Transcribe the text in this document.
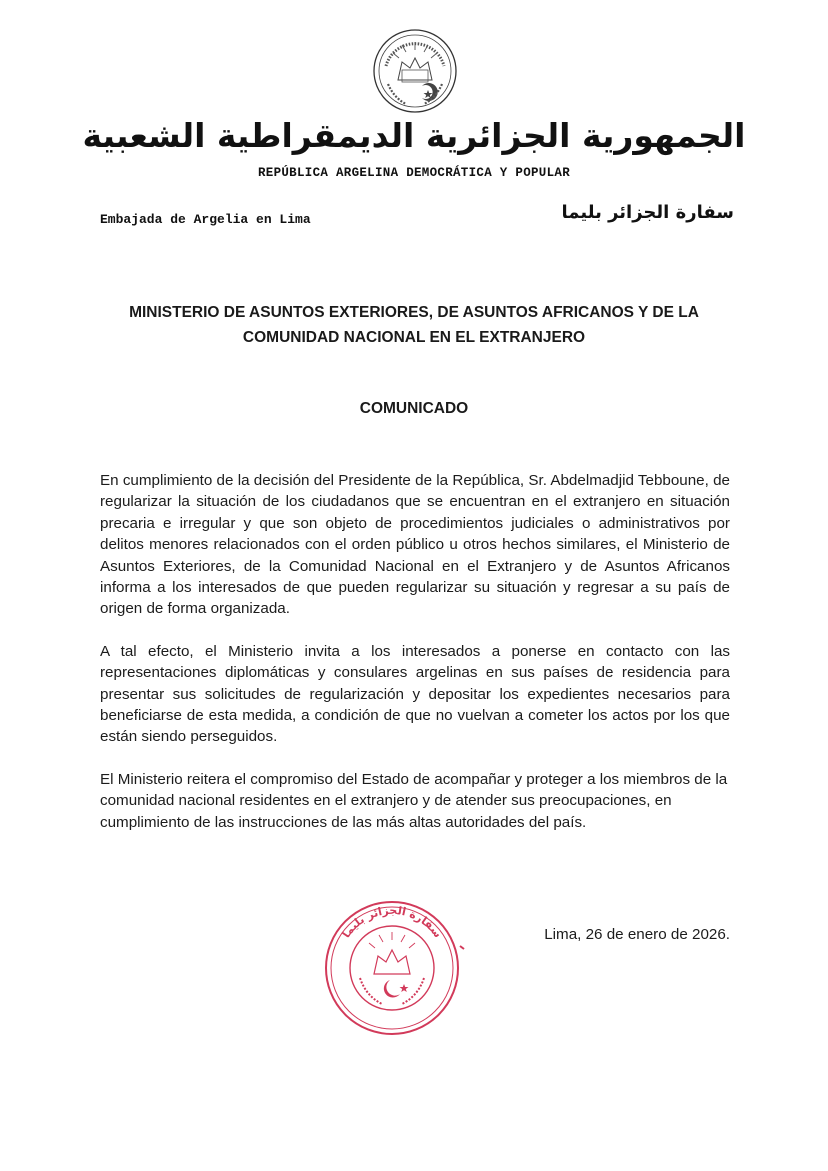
الجمهورية الجزائرية الديمقراطية الشعبية
REPÚBLICA ARGELINA DEMOCRÁTICA Y POPULAR
Embajada de Argelia en Lima	سفارة الجزائر بليما
MINISTERIO DE ASUNTOS EXTERIORES, DE ASUNTOS AFRICANOS Y DE LA COMUNIDAD NACIONAL EN EL EXTRANJERO
COMUNICADO

En cumplimiento de la decisión del Presidente de la República, Sr. Abdelmadjid Tebboune, de regularizar la situación de los ciudadanos que se encuentran en el extranjero en situación precaria e irregular y que son objeto de procedimientos judiciales o administrativos por delitos menores relacionados con el orden público u otros hechos similares, el Ministerio de Asuntos Exteriores, de la Comunidad Nacional en el Extranjero y de Asuntos Africanos informa a los interesados de que pueden regularizar su situación y regresar a su país de origen de forma organizada.

A tal efecto, el Ministerio invita a los interesados a ponerse en contacto con las representaciones diplomáticas y consulares argelinas en sus países de residencia para presentar sus solicitudes de regularización y depositar los expedientes necesarios para beneficiarse de esta medida, a condición de que no vuelvan a cometer los actos por los que están siendo perseguidos.

El Ministerio reitera el compromiso del Estado de acompañar y proteger a los miembros de la comunidad nacional residentes en el extranjero y de atender sus preocupaciones, en cumplimiento de las instrucciones de las más altas autoridades del país.

Lima, 26 de enero de 2026.
سفارة الجزائر بليما
